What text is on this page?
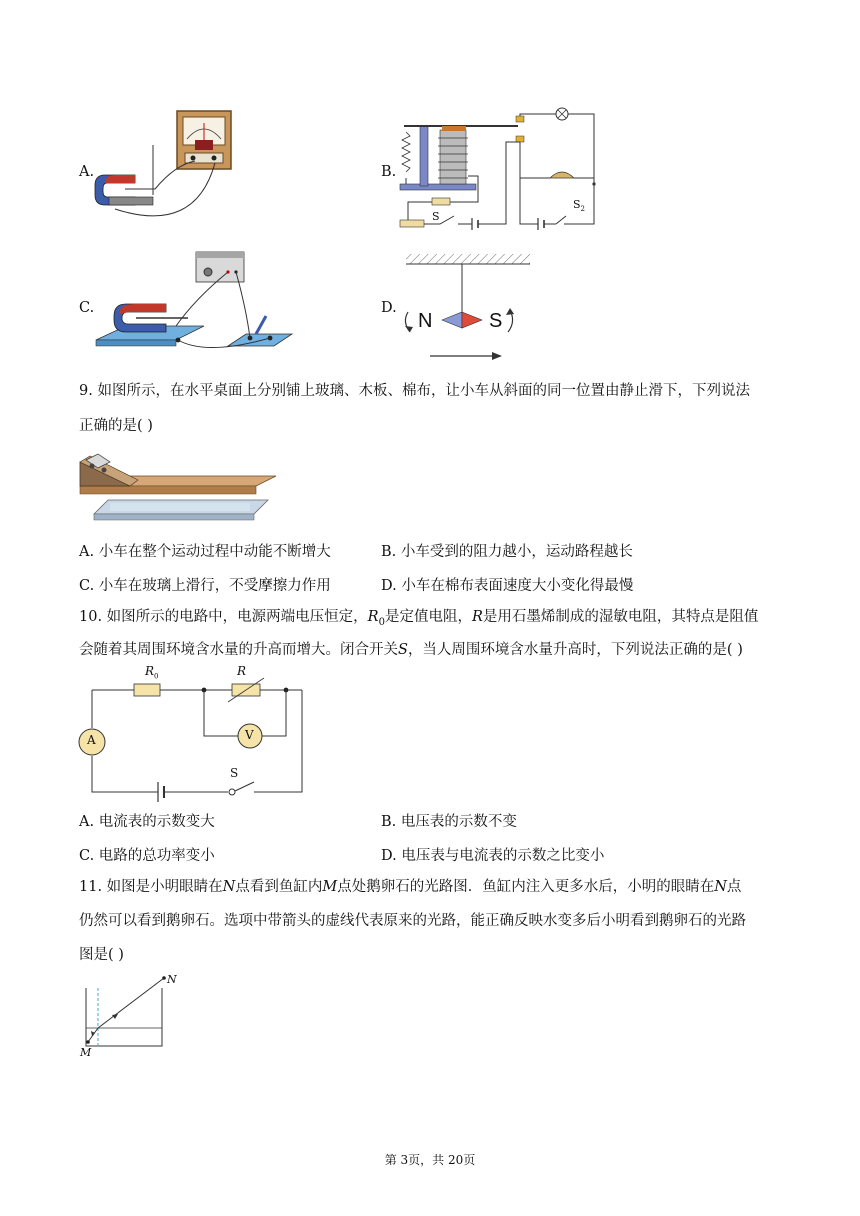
A.	B.
S
$S_2$
C.	D.
N	S
9. 如图所示，在水平桌面上分别铺上玻璃、木板、棉布，让小车从斜面的同一位置由静止滑下，下列说法
正确的是( )
A. 小车在整个运动过程中动能不断增大	B. 小车受到的阻力越小，运动路程越长
C. 小车在玻璃上滑行，不受摩擦力作用	D. 小车在棉布表面速度大小变化得最慢
10. 如图所示的电路中，电源两端电压恒定，$R_0$是定值电阻，R是用石墨烯制成的湿敏电阻，其特点是阻值
会随着其周围环境含水量的升高而增大。闭合开关S，当人周围环境含水量升高时，下列说法正确的是( )
$R_0$	R
A	V
S
A. 电流表的示数变大	B. 电压表的示数不变
C. 电路的总功率变小	D. 电压表与电流表的示数之比变小
11. 如图是小明眼睛在N点看到鱼缸内M点处鹅卵石的光路图．鱼缸内注入更多水后，小明的眼睛在N点
仍然可以看到鹅卵石。选项中带箭头的虚线代表原来的光路，能正确反映水变多后小明看到鹅卵石的光路
图是( )
N
M
第 3页，共 20页
